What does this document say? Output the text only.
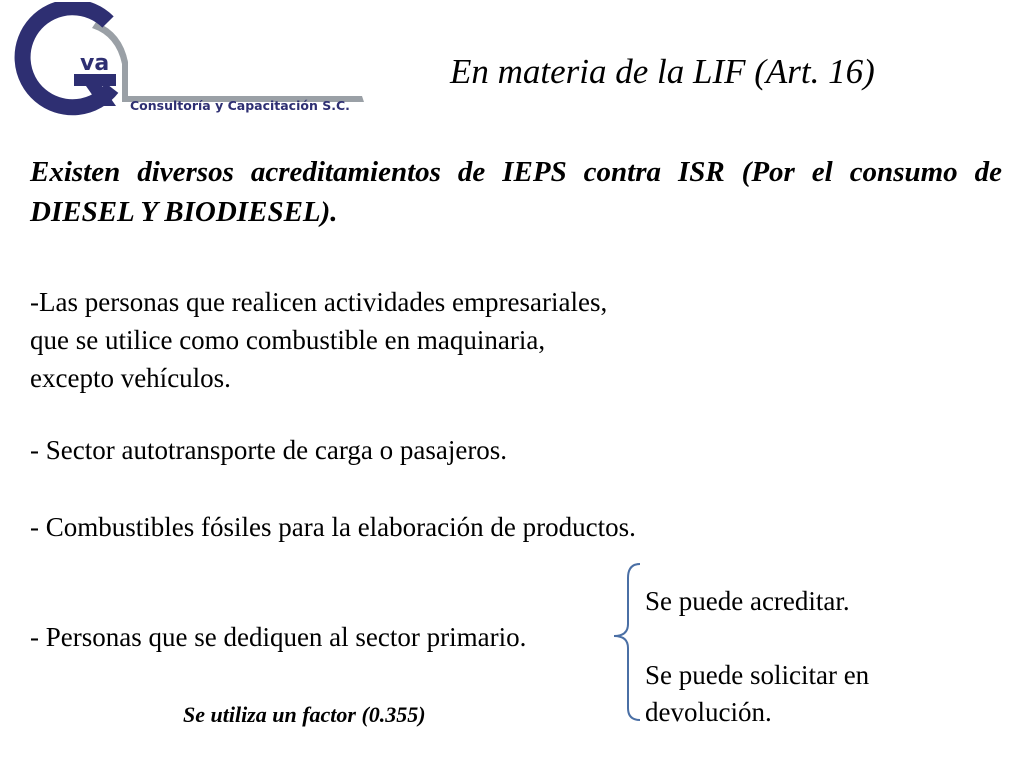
va
Consultoría y Capacitación S.C.
En materia de la LIF (Art. 16)
Existen diversos acreditamientos de IEPS contra ISR (Por el consumo de DIESEL Y BIODIESEL).
-Las personas que realicen actividades empresariales,
que se utilice como combustible en maquinaria,
excepto vehículos.
- Sector autotransporte de carga o pasajeros.
- Combustibles fósiles para la elaboración de productos.
- Personas que se dediquen al sector primario.
Se puede acreditar.
Se puede solicitar en
devolución.
Se utiliza un factor (0.355)
